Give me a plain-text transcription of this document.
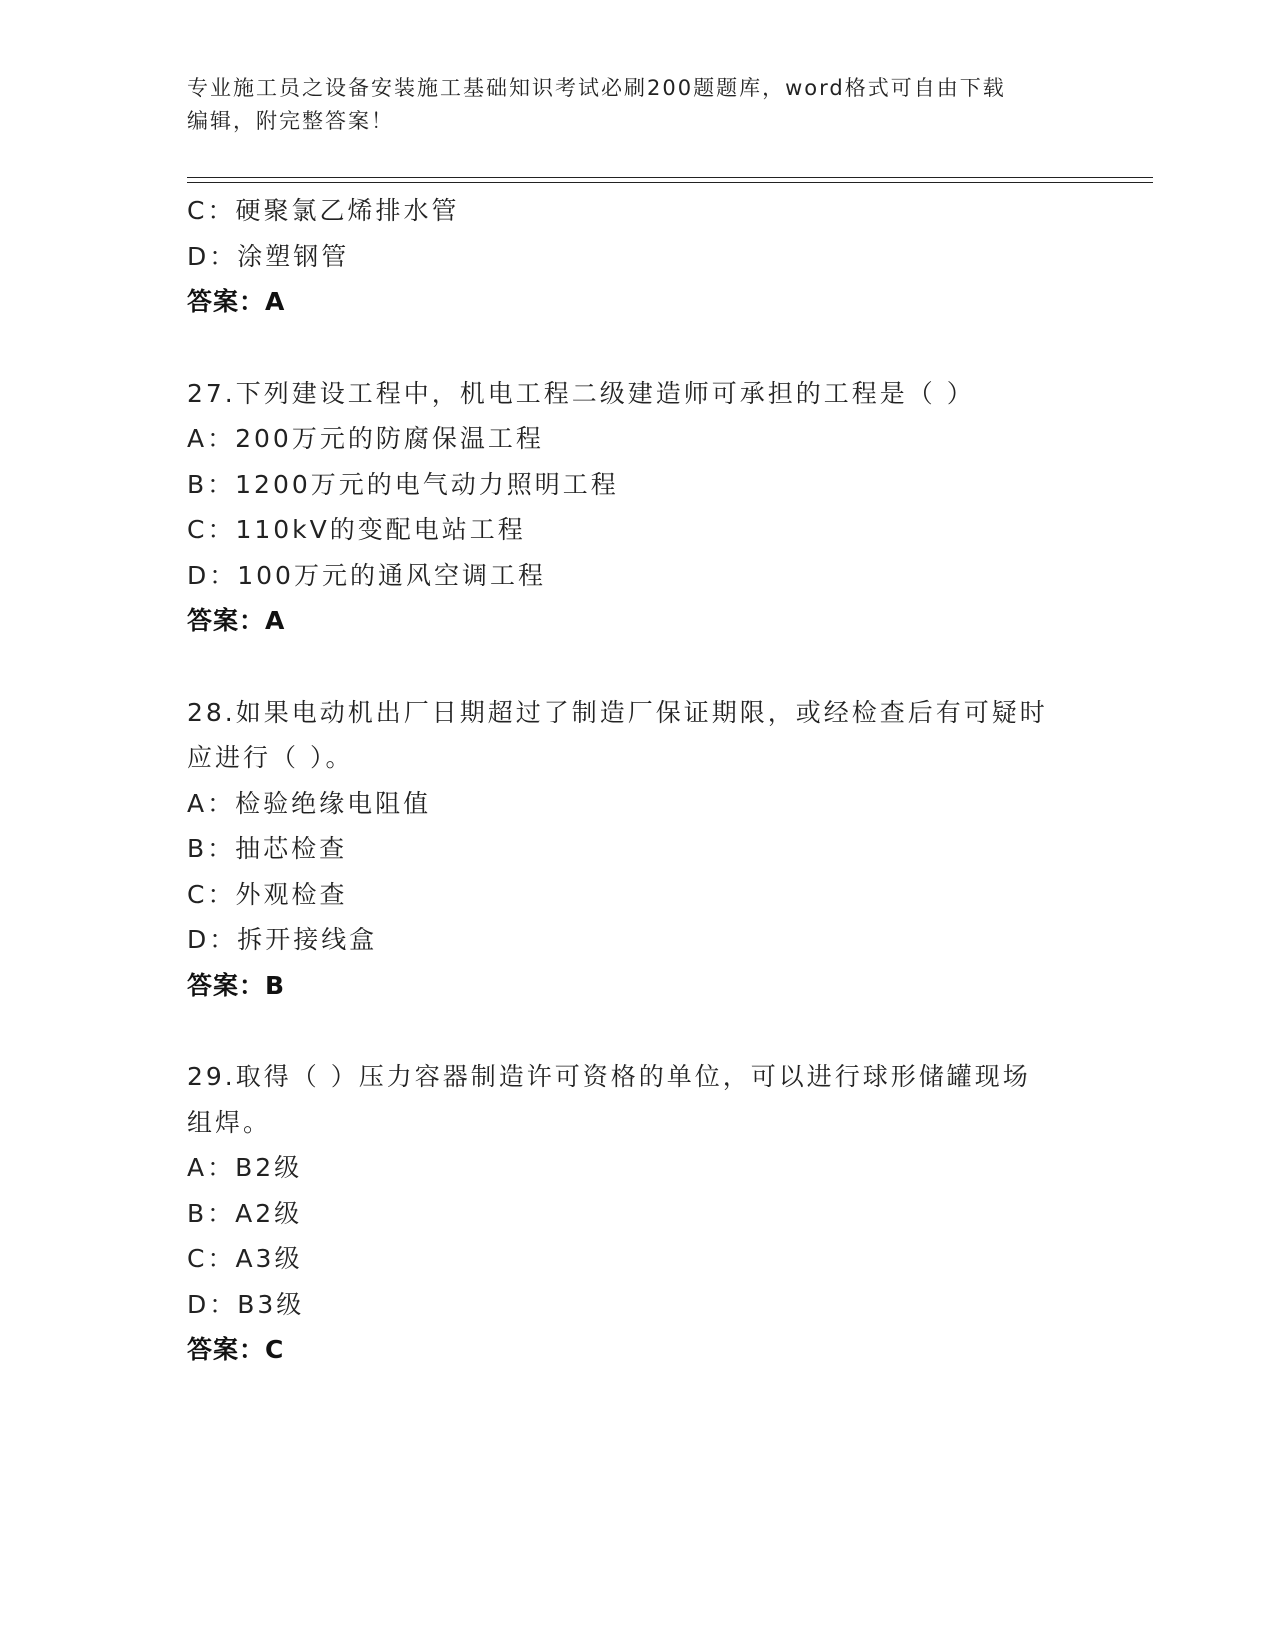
专业施工员之设备安装施工基础知识考试必刷200题题库，word格式可自由下载
编辑，附完整答案！
C：硬聚氯乙烯排水管
D：涂塑钢管
答案：A
27.下列建设工程中，机电工程二级建造师可承担的工程是（ ）
A：200万元的防腐保温工程
B：1200万元的电气动力照明工程
C：110kV的变配电站工程
D：100万元的通风空调工程
答案：A
28.如果电动机出厂日期超过了制造厂保证期限，或经检查后有可疑时
应进行（ ）。
A：检验绝缘电阻值
B：抽芯检查
C：外观检查
D：拆开接线盒
答案：B
29.取得（ ）压力容器制造许可资格的单位，可以进行球形储罐现场
组焊。
A：B2级
B：A2级
C：A3级
D：B3级
答案：C
